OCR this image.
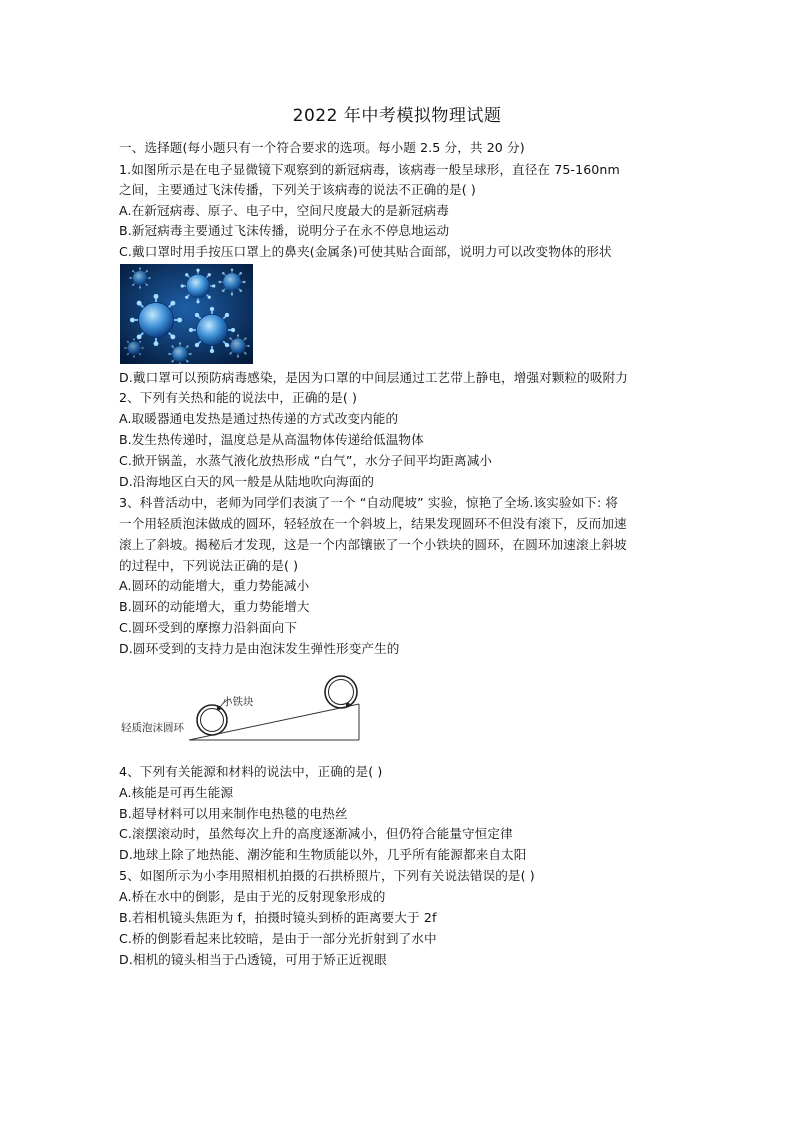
2022 年中考模拟物理试题
一、选择题(每小题只有一个符合要求的选项。每小题 2.5 分，共 20 分)
1.如图所示是在电子显微镜下观察到的新冠病毒，该病毒一般呈球形，直径在 75-160nm
之间，主要通过飞沫传播，下列关于该病毒的说法不正确的是( )
A.在新冠病毒、原子、电子中，空间尺度最大的是新冠病毒
B.新冠病毒主要通过飞沫传播，说明分子在永不停息地运动
C.戴口罩时用手按压口罩上的鼻夹(金属条)可使其贴合面部，说明力可以改变物体的形状
D.戴口罩可以预防病毒感染，是因为口罩的中间层通过工艺带上静电，增强对颗粒的吸附力
2、下列有关热和能的说法中，正确的是( )
A.取暖器通电发热是通过热传递的方式改变内能的
B.发生热传递时，温度总是从高温物体传递给低温物体
C.掀开锅盖，水蒸气液化放热形成 “白气”，水分子间平均距离减小
D.沿海地区白天的风一般是从陆地吹向海面的
3、科普活动中，老师为同学们表演了一个 “自动爬坡” 实验，惊艳了全场.该实验如下: 将
一个用轻质泡沫做成的圆环，轻轻放在一个斜坡上，结果发现圆环不但没有滚下，反而加速
滚上了斜坡。揭秘后才发现，这是一个内部镶嵌了一个小铁块的圆环，在圆环加速滚上斜坡
的过程中，下列说法正确的是( )
A.圆环的动能增大，重力势能减小
B.圆环的动能增大，重力势能增大
C.圆环受到的摩擦力沿斜面向下
D.圆环受到的支持力是由泡沫发生弹性形变产生的
小铁块
轻质泡沫圆环
4、下列有关能源和材料的说法中，正确的是( )
A.核能是可再生能源
B.超导材料可以用来制作电热毯的电热丝
C.滚摆滚动时，虽然每次上升的高度逐渐减小，但仍符合能量守恒定律
D.地球上除了地热能、潮汐能和生物质能以外，几乎所有能源都来自太阳
5、如图所示为小李用照相机拍摄的石拱桥照片，下列有关说法错误的是( )
A.桥在水中的倒影，是由于光的反射现象形成的
B.若相机镜头焦距为 f，拍摄时镜头到桥的距离要大于 2f
C.桥的倒影看起来比较暗，是由于一部分光折射到了水中
D.相机的镜头相当于凸透镜，可用于矫正近视眼
